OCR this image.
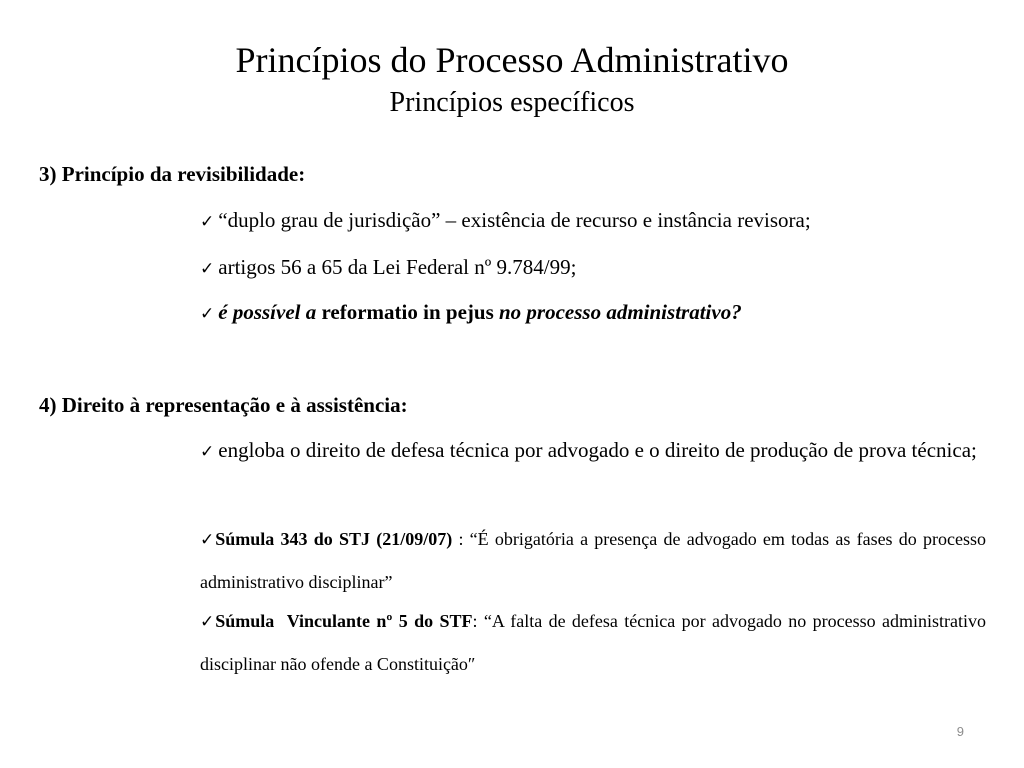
Princípios do Processo Administrativo
Princípios específicos
3) Princípio da revisibilidade:
✓ “duplo grau de jurisdição” – existência de recurso e instância revisora;
✓ artigos 56 a 65 da Lei Federal nº 9.784/99;
✓ é possível a reformatio in pejus no processo administrativo?
4) Direito à representação e à assistência:
✓ engloba o direito de defesa técnica por advogado e o direito de produção de prova técnica;
✓Súmula 343 do STJ (21/09/07) : “É obrigatória a presença de advogado em todas as fases do processo administrativo disciplinar”
✓Súmula  Vinculante nº 5 do STF: “A falta de defesa técnica por advogado no processo administrativo disciplinar não ofende a Constituição″
9
